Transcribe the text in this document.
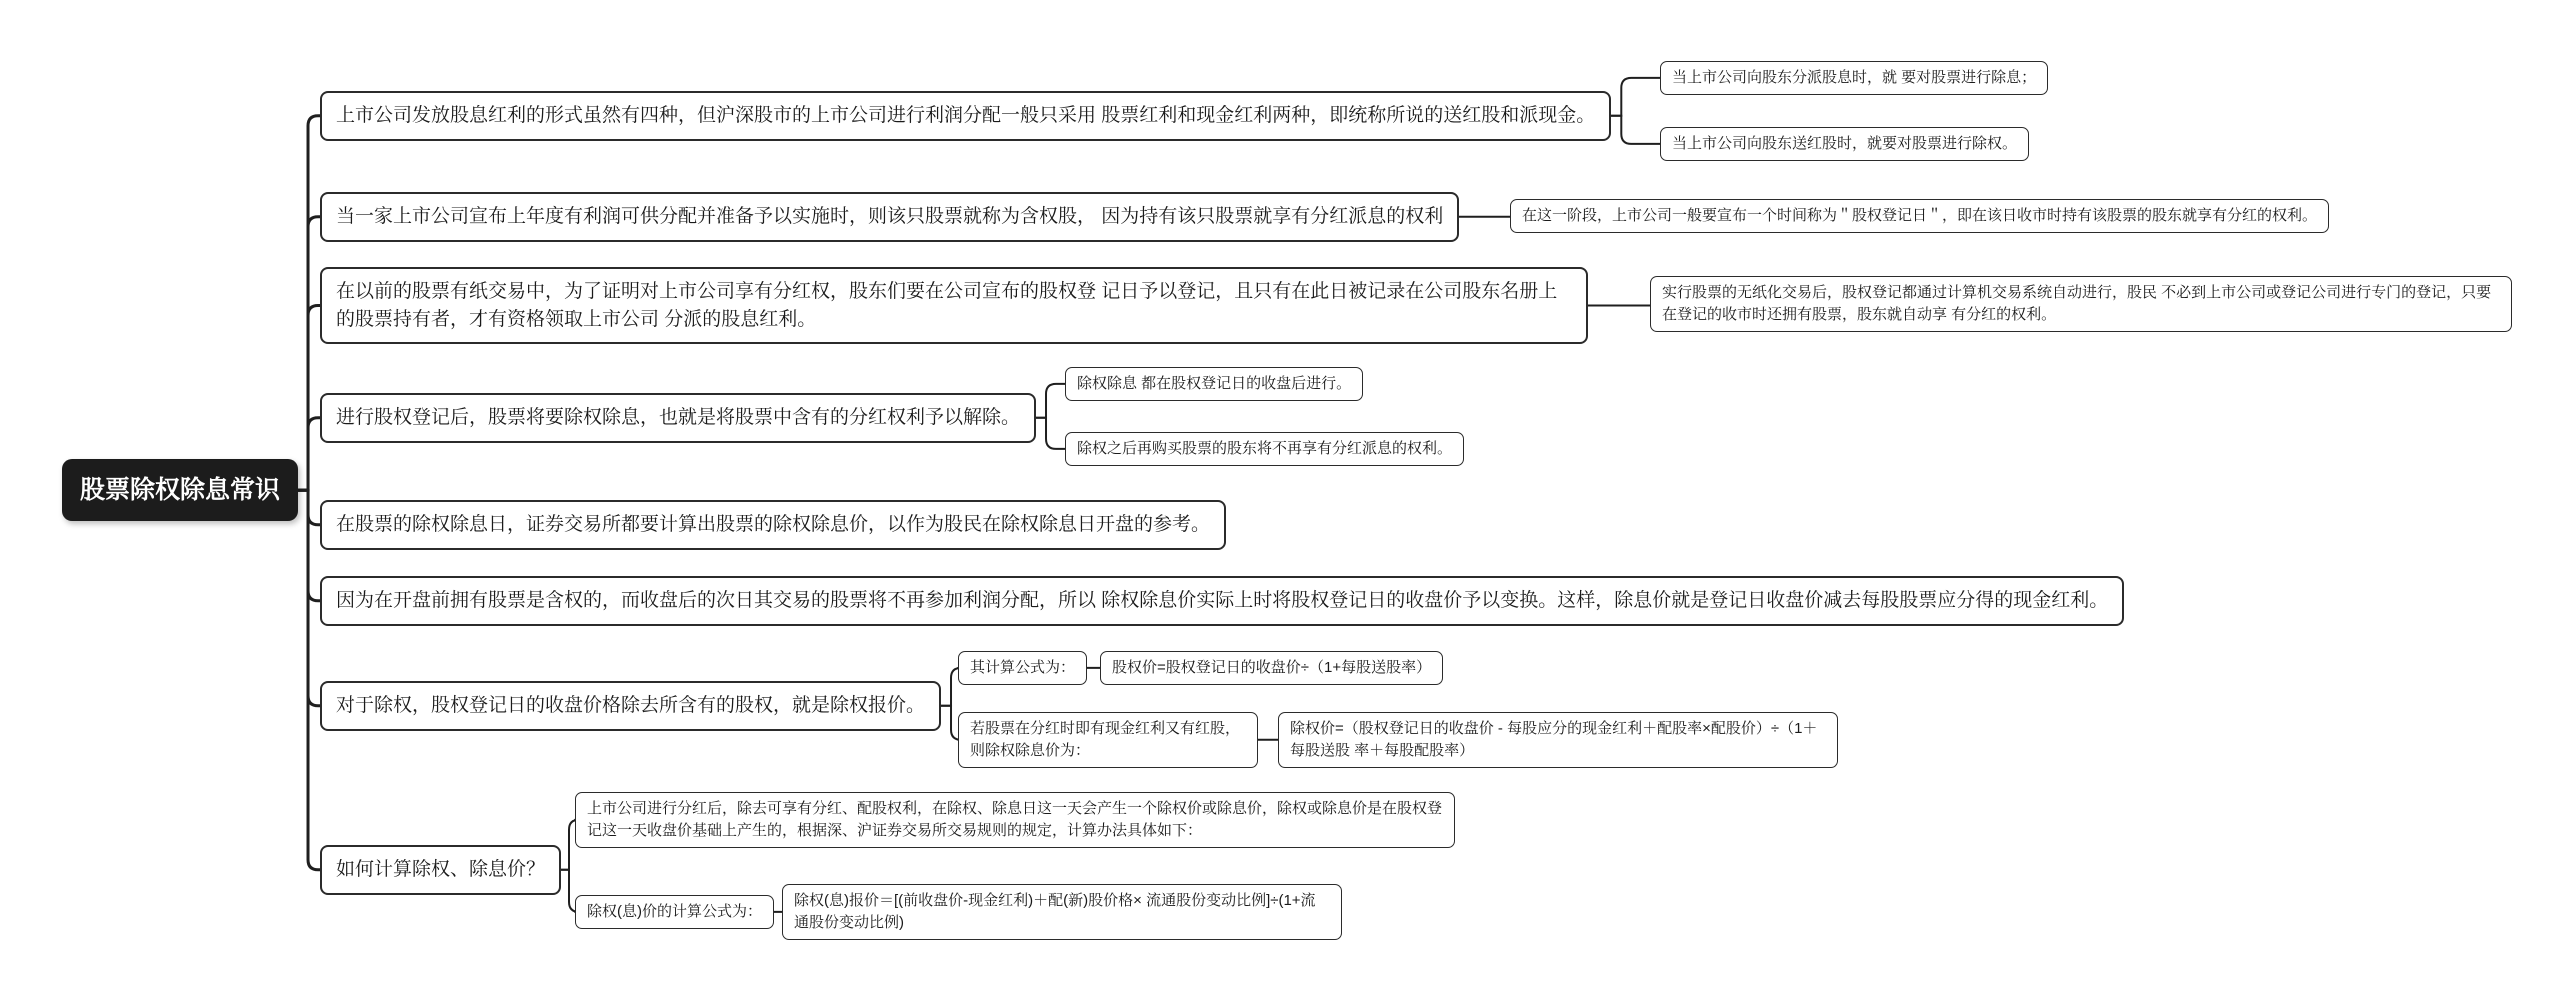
股票除权除息常识
上市公司发放股息红利的形式虽然有四种，但沪深股市的上市公司进行利润分配一般只采用 股票红利和现金红利两种，即统称所说的送红股和派现金。
当上市公司向股东分派股息时，就 要对股票进行除息；
当上市公司向股东送红股时，就要对股票进行除权。
当一家上市公司宣布上年度有利润可供分配并准备予以实施时，则该只股票就称为含权股， 因为持有该只股票就享有分红派息的权利	在这一阶段，上市公司一般要宣布一个时间称为＂股权登记日＂，即在该日收市时持有该股票的股东就享有分红的权利。
在以前的股票有纸交易中，为了证明对上市公司享有分红权，股东们要在公司宣布的股权登 记日予以登记，且只有在此日被记录在公司股东名册上的股票持有者，才有资格领取上市公司 分派的股息红利。
实行股票的无纸化交易后，股权登记都通过计算机交易系统自动进行，股民 不必到上市公司或登记公司进行专门的登记，只要在登记的收市时还拥有股票，股东就自动享 有分红的权利。
进行股权登记后，股票将要除权除息，也就是将股票中含有的分红权利予以解除。
除权除息 都在股权登记日的收盘后进行。
除权之后再购买股票的股东将不再享有分红派息的权利。
在股票的除权除息日，证券交易所都要计算出股票的除权除息价，以作为股民在除权除息日开盘的参考。
因为在开盘前拥有股票是含权的，而收盘后的次日其交易的股票将不再参加利润分配，所以 除权除息价实际上时将股权登记日的收盘价予以变换。这样，除息价就是登记日收盘价减去每股股票应分得的现金红利。
对于除权，股权登记日的收盘价格除去所含有的股权，就是除权报价。
其计算公式为：	股权价=股权登记日的收盘价÷（1+每股送股率）
若股票在分红时即有现金红利又有红股，则除权除息价为：
除权价=（股权登记日的收盘价 - 每股应分的现金红利＋配股率×配股价）÷（1＋每股送股 率＋每股配股率）
如何计算除权、除息价？
上市公司进行分红后，除去可享有分红、配股权利，在除权、除息日这一天会产生一个除权价或除息价，除权或除息价是在股权登记这一天收盘价基础上产生的，根据深、沪证券交易所交易规则的规定，计算办法具体如下：
除权(息)价的计算公式为：
除权(息)报价＝[(前收盘价-现金红利)＋配(新)股价格× 流通股份变动比例]÷(1+流通股份变动比例)
